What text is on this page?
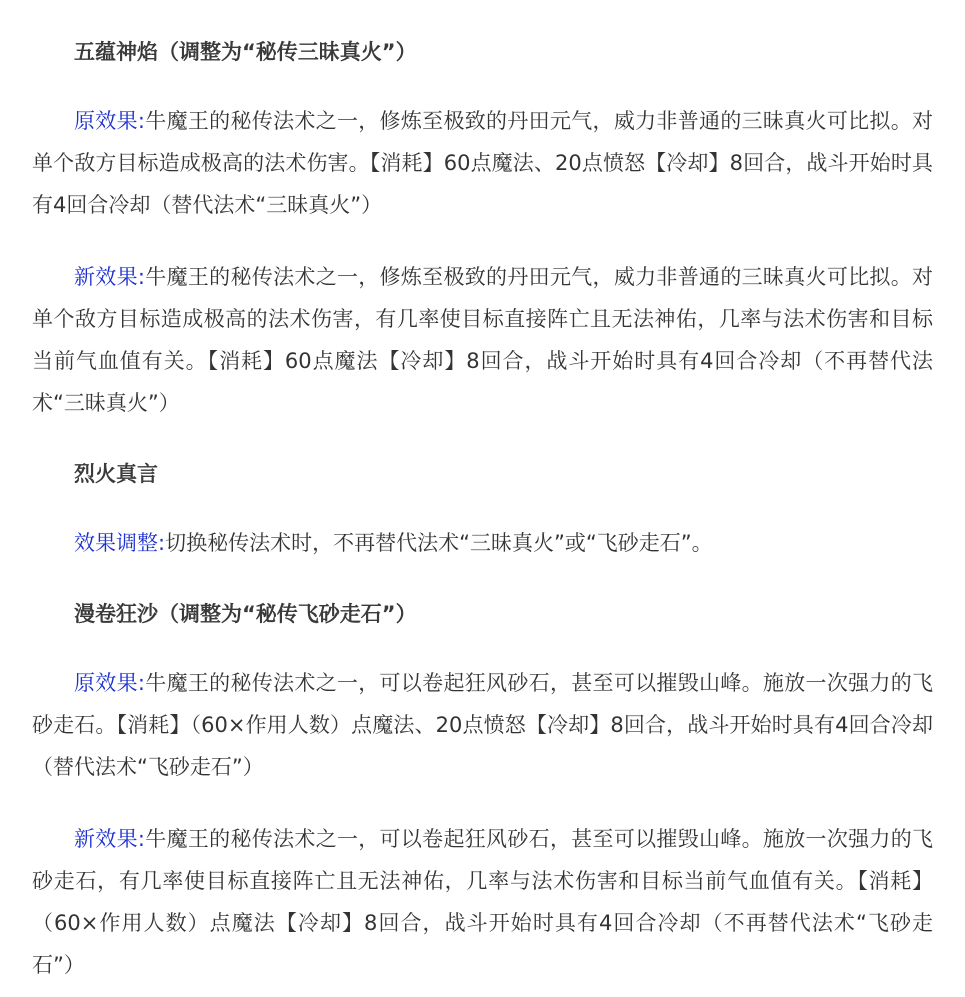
五蕴神焰（调整为“秘传三昧真火”）

原效果:牛魔王的秘传法术之一，修炼至极致的丹田元气，威力非普通的三昧真火可比拟。对单个敌方目标造成极高的法术伤害。【消耗】60点魔法、20点愤怒【冷却】8回合，战斗开始时具有4回合冷却（替代法术“三昧真火”）

新效果:牛魔王的秘传法术之一，修炼至极致的丹田元气，威力非普通的三昧真火可比拟。对单个敌方目标造成极高的法术伤害，有几率使目标直接阵亡且无法神佑，几率与法术伤害和目标当前气血值有关。【消耗】60点魔法【冷却】8回合，战斗开始时具有4回合冷却（不再替代法术“三昧真火”）

烈火真言

效果调整:切换秘传法术时，不再替代法术“三昧真火”或“飞砂走石”。

漫卷狂沙（调整为“秘传飞砂走石”）

原效果:牛魔王的秘传法术之一，可以卷起狂风砂石，甚至可以摧毁山峰。施放一次强力的飞砂走石。【消耗】（60×作用人数）点魔法、20点愤怒【冷却】8回合，战斗开始时具有4回合冷却（替代法术“飞砂走石”）

新效果:牛魔王的秘传法术之一，可以卷起狂风砂石，甚至可以摧毁山峰。施放一次强力的飞砂走石，有几率使目标直接阵亡且无法神佑，几率与法术伤害和目标当前气血值有关。【消耗】（60×作用人数）点魔法【冷却】8回合，战斗开始时具有4回合冷却（不再替代法术“飞砂走石”）
